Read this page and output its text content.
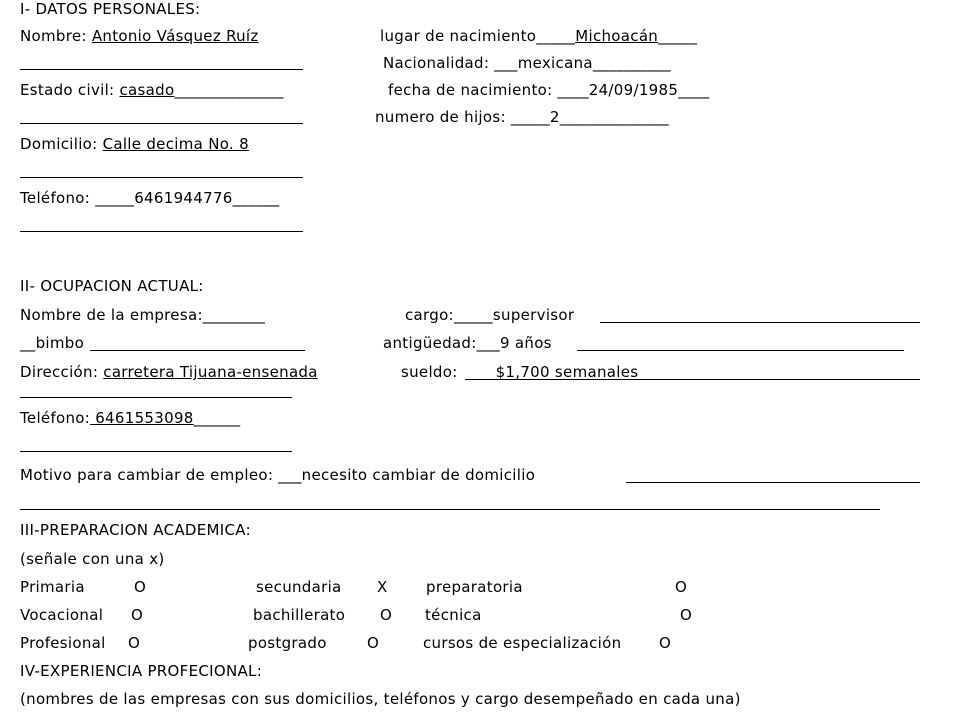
I- DATOS PERSONALES:
Nombre: Antonio Vásquez Ruíz	lugar de nacimiento_____Michoacán_____
Nacionalidad: ___mexicana__________
Estado civil: casado______________	fecha de nacimiento: ____24/09/1985____
numero de hijos: _____2______________
Domicilio: Calle decima No. 8
Teléfono: _____6461944776______
II- OCUPACION ACTUAL:
Nombre de la empresa:________	cargo:_____supervisor
__bimbo	antigüedad:___9 años
Dirección: carretera Tijuana-ensenada	sueldo:	$1,700 semanales
Teléfono: 6461553098______
Motivo para cambiar de empleo: ___necesito cambiar de domicilio
III-PREPARACION ACADEMICA:
(señale con una x)
Primaria	O	secundaria X	preparatoria	O
Vocacional O	bachillerato O técnica	O
Profesional O	postgrado	O	cursos de especialización	O
IV-EXPERIENCIA PROFECIONAL:
(nombres de las empresas con sus domicilios, teléfonos y cargo desempeñado en cada una)
